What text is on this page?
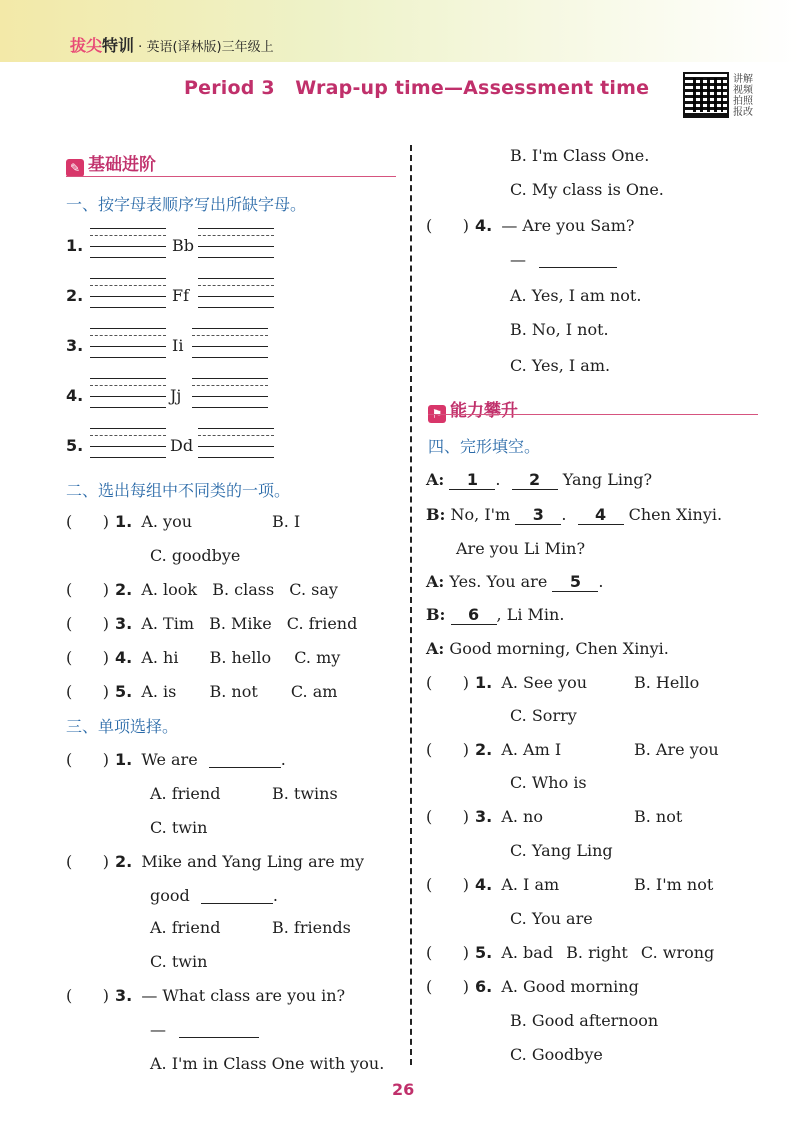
拔尖特训 · 英语(译林版)三年级上
Period 3   Wrap-up time—Assessment time	讲解视频 拍照报改
✎ 基础进阶
一、按字母表顺序写出所缺字母。
1.	Bb
2.	Ff
3.	Ii
4.	Jj
5.	Dd
二、选出每组中不同类的一项。
(      ) 1. A. you	B. I
C. goodbye
(      ) 2. A. look B. class C. say
(      ) 3. A. Tim B. Mike C. friend
(      ) 4. A. hi B. hello C. my
(      ) 5. A. is B. not C. am
三、单项选择。
(      ) 1. We are	.
A. friend	B. twins
C. twin
(      ) 2. Mike and Yang Ling are my
good	.
A. friend	B. friends
C. twin
(      ) 3. — What class are you in?
—
A. I'm in Class One with you.
B. I'm Class One.
C. My class is One.
(      ) 4. — Are you Sam?
—
A. Yes, I am not.
B. No, I not.
C. Yes, I am.
⚑ 能力攀升
四、完形填空。
A: 1 . 2 Yang Ling?
B: No, I'm 3 . 4 Chen Xinyi.
Are you Li Min?
A: Yes. You are 5 .
B: 6 , Li Min.
A: Good morning, Chen Xinyi.
(      ) 1. A. See you	B. Hello
C. Sorry
(      ) 2. A. Am I	B. Are you
C. Who is
(      ) 3. A. no	B. not
C. Yang Ling
(      ) 4. A. I am	B. I'm not
C. You are
(      ) 5. A. bad B. right C. wrong
(      ) 6. A. Good morning
B. Good afternoon
C. Goodbye
26
